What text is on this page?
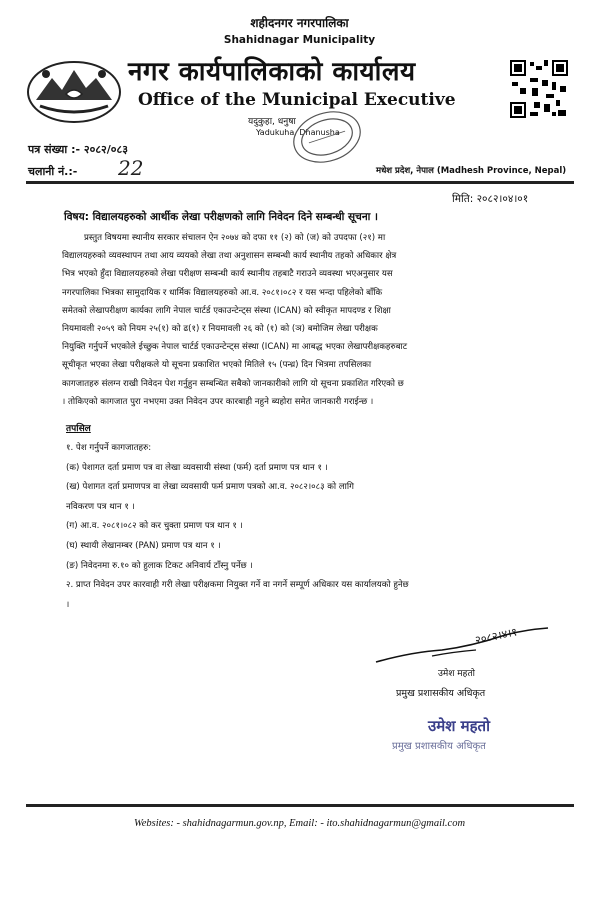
शहीदनगर नगरपालिका
Shahidnagar Municipality
नगर कार्यपालिकाको कार्यालय
Office of the Municipal Executive
यदुकुहा, धनुषा
Yadukuha, Dhanusha
पत्र संख्या :- २०८२/०८३
चलानी नं.:- 22	मधेश प्रदेश, नेपाल (Madhesh Province, Nepal)
मिति: २०८२।०४।०१
विषय: विद्यालयहरुको आर्थीक लेखा परीक्षणको लागि निवेदन दिने सम्बन्धी सूचना ।
प्रस्तुत विषयमा स्थानीय सरकार संचालन ऐन २०७४ को दफा ११ (२) को (ज) को उपदफा (२१) मा
विद्यालयहरुको व्यवस्थापन तथा आय व्ययको लेखा तथा अनुशासन सम्बन्धी कार्य स्थानीय तहको अधिकार क्षेत्र
भित्र भएको हुँदा विद्यालयहरुको लेखा परीक्षण सम्बन्धी कार्य स्थानीय तहबाटै गराउने व्यवस्था भएअनुसार यस
नगरपालिका भित्रका सामुदायिक र धार्मिक विद्यालयहरुको आ.व. २०८१।०८२ र यस भन्दा पहिलेको बाँकि
समेतको लेखापरीक्षण कार्यका लागि नेपाल चार्टर्ड एकाउन्टेन्ट्स संस्था (ICAN) को स्वीकृत मापदण्ड र शिक्षा
नियमावली २०५९ को नियम २५(१) को ढ(१) र नियमावली २६ को (१) को (ञ) बमोजिम लेखा परीक्षक
नियुक्ति गर्नुपर्ने भएकोले ईच्छुक नेपाल चार्टर्ड एकाउन्टेन्ट्स संस्था (ICAN) मा आबद्ध भएका लेखापरीक्षकहरुबाट
सूचीकृत भएका लेखा परीक्षकले यो सूचना प्रकाशित भएको मितिले १५ (पन्ध्र) दिन भित्रमा तपसिलका
कागजातहरु संलग्न राखी निवेदन पेश गर्नुहुन सम्बन्धित सबैको जानकारीको लागि यो सूचना प्रकाशित गरिएको छ
। तोकिएको कागजात पुरा नभएमा उक्त निवेदन उपर कारबाही नहुने ब्यहोरा समेत जानकारी गराईन्छ ।
तपसिल
१. पेश गर्नुपर्ने कागजातहरु:
(क) पेशागत दर्ता प्रमाण पत्र वा लेखा व्यवसायी संस्था (फर्म) दर्ता प्रमाण पत्र थान १ ।
(ख) पेशागत दर्ता प्रमाणपत्र वा लेखा व्यवसायी फर्म प्रमाण पत्रको आ.व. २०८२।०८३ को लागि
नविकरण पत्र थान १ ।
(ग) आ.व. २०८१।०८२ को कर चुक्ता प्रमाण पत्र थान १ ।
(घ) स्थायी लेखानम्बर (PAN) प्रमाण पत्र थान १ ।
(ङ) निवेदनमा रु.१० को हुलाक टिकट अनिवार्य टाँस्नु पर्नेछ ।
२. प्राप्त निवेदन उपर कारवाही गरी लेखा परीक्षकमा नियुक्त गर्ने वा नगर्ने सम्पूर्ण अधिकार यस कार्यालयको हुनेछ
।
२०८२।४।१
उमेश महतो
प्रमुख प्रशासकीय अधिकृत
उमेश महतो
प्रमुख प्रशासकीय अधिकृत
Websites: - shahidnagarmun.gov.np, Email: - ito.shahidnagarmun@gmail.com
